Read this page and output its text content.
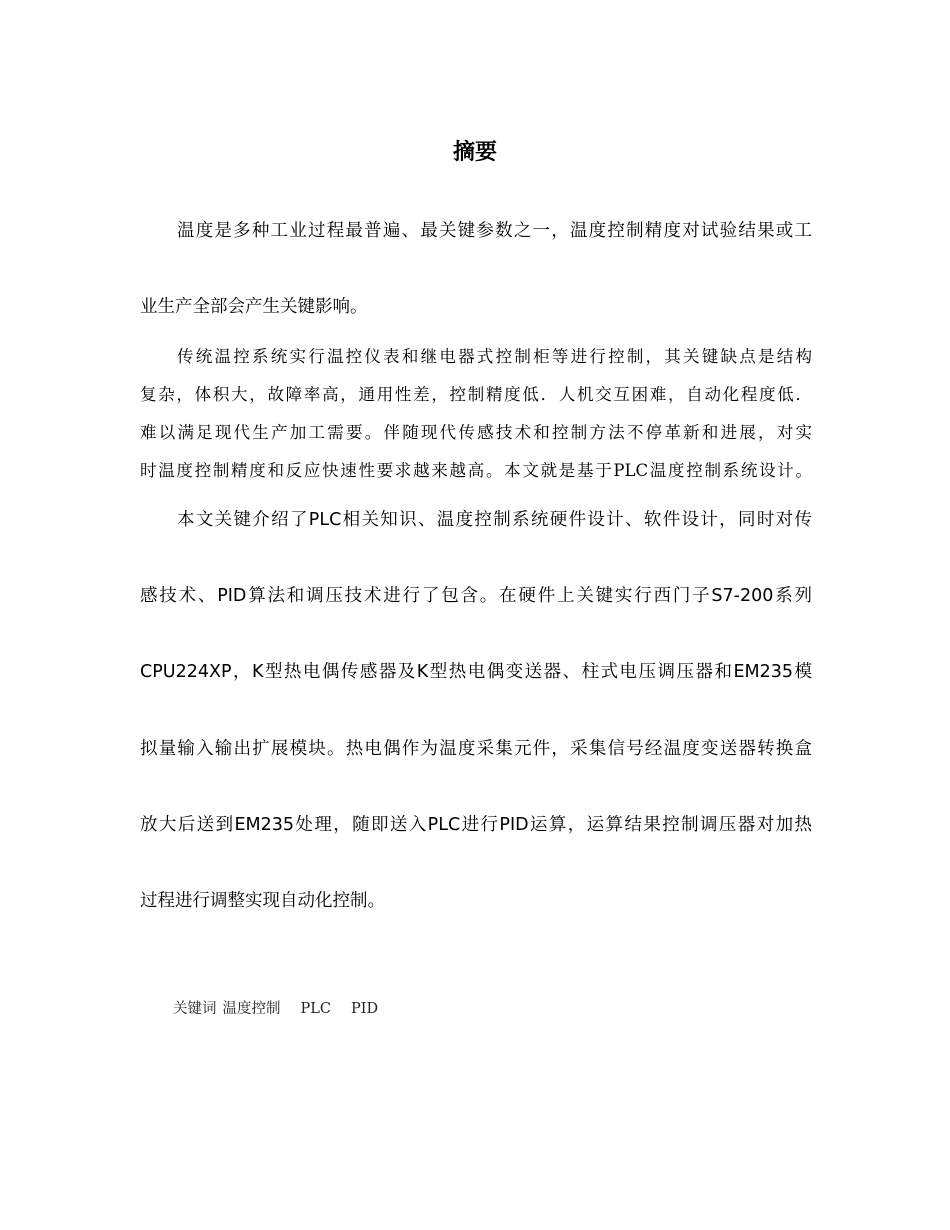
摘要
温度是多种工业过程最普遍、最关键参数之一，温度控制精度对试验结果或工
业生产全部会产生关键影响。
传统温控系统实行温控仪表和继电器式控制柜等进行控制，其关键缺点是结构
复杂，体积大，故障率高，通用性差，控制精度低．人机交互困难，自动化程度低．
难以满足现代生产加工需要。伴随现代传感技术和控制方法不停革新和进展，对实
时温度控制精度和反应快速性要求越来越高。本文就是基于PLC温度控制系统设计。
本文关键介绍了PLC相关知识、温度控制系统硬件设计、软件设计，同时对传
感技术、PID算法和调压技术进行了包含。在硬件上关键实行西门子S7-200系列
CPU224XP，K型热电偶传感器及K型热电偶变送器、柱式电压调压器和EM235模
拟量输入输出扩展模块。热电偶作为温度采集元件，采集信号经温度变送器转换盒
放大后送到EM235处理，随即送入PLC进行PID运算，运算结果控制调压器对加热
过程进行调整实现自动化控制。
关键词 温度控制 PLC PID
